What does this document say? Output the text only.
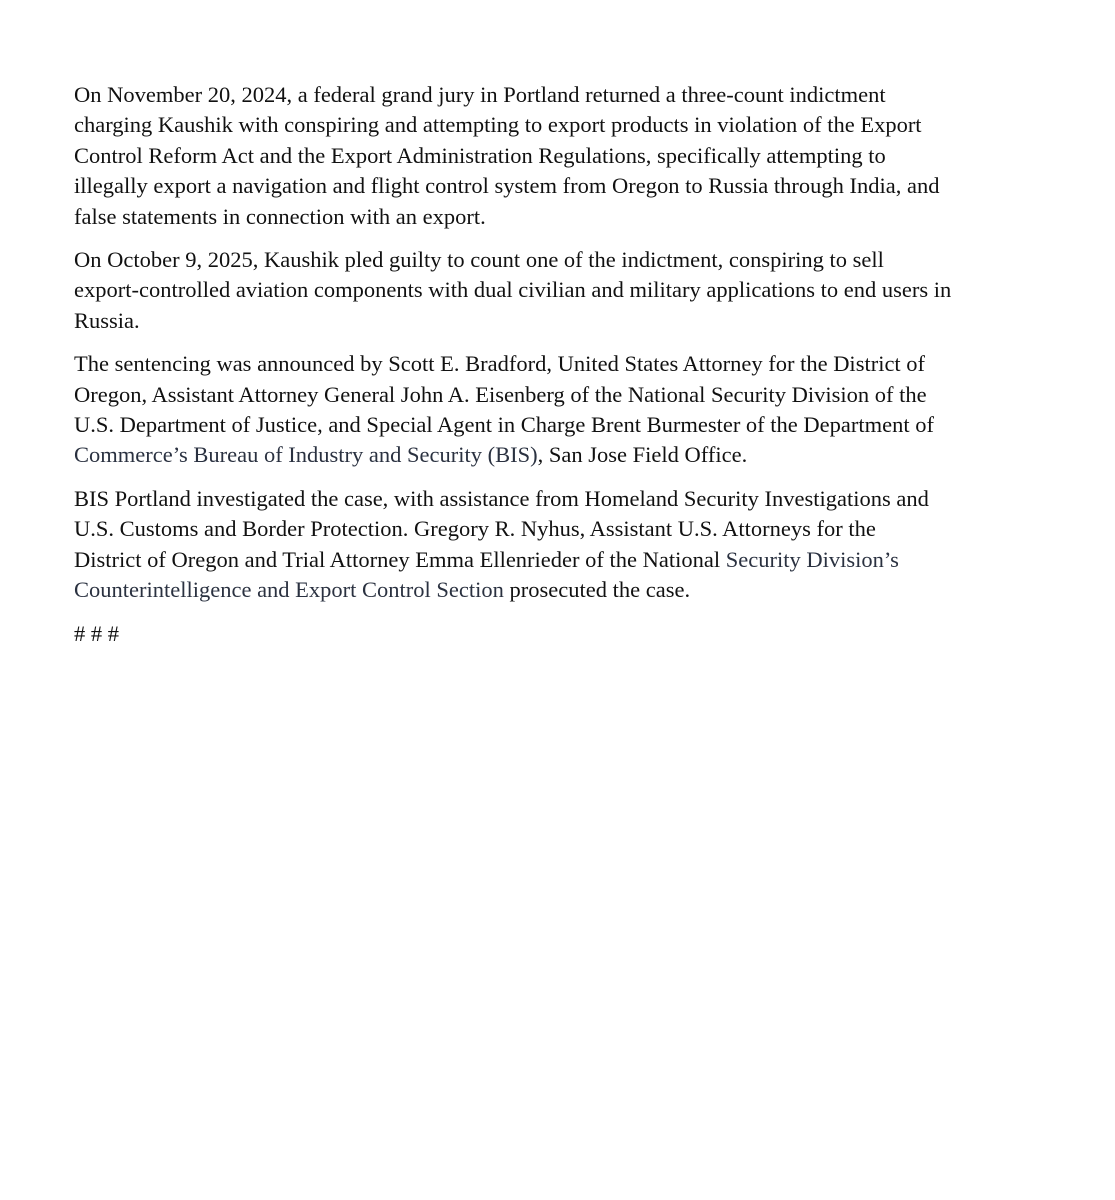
On November 20, 2024, a federal grand jury in Portland returned a three-count indictment
charging Kaushik with conspiring and attempting to export products in violation of the Export
Control Reform Act and the Export Administration Regulations, specifically attempting to
illegally export a navigation and flight control system from Oregon to Russia through India, and
false statements in connection with an export.

On October 9, 2025, Kaushik pled guilty to count one of the indictment, conspiring to sell
export-controlled aviation components with dual civilian and military applications to end users in
Russia.

The sentencing was announced by Scott E. Bradford, United States Attorney for the District of
Oregon, Assistant Attorney General John A. Eisenberg of the National Security Division of the
U.S. Department of Justice, and Special Agent in Charge Brent Burmester of the Department of
Commerce’s Bureau of Industry and Security (BIS), San Jose Field Office.

BIS Portland investigated the case, with assistance from Homeland Security Investigations and
U.S. Customs and Border Protection. Gregory R. Nyhus, Assistant U.S. Attorneys for the
District of Oregon and Trial Attorney Emma Ellenrieder of the National Security Division’s
Counterintelligence and Export Control Section prosecuted the case.

# # #
